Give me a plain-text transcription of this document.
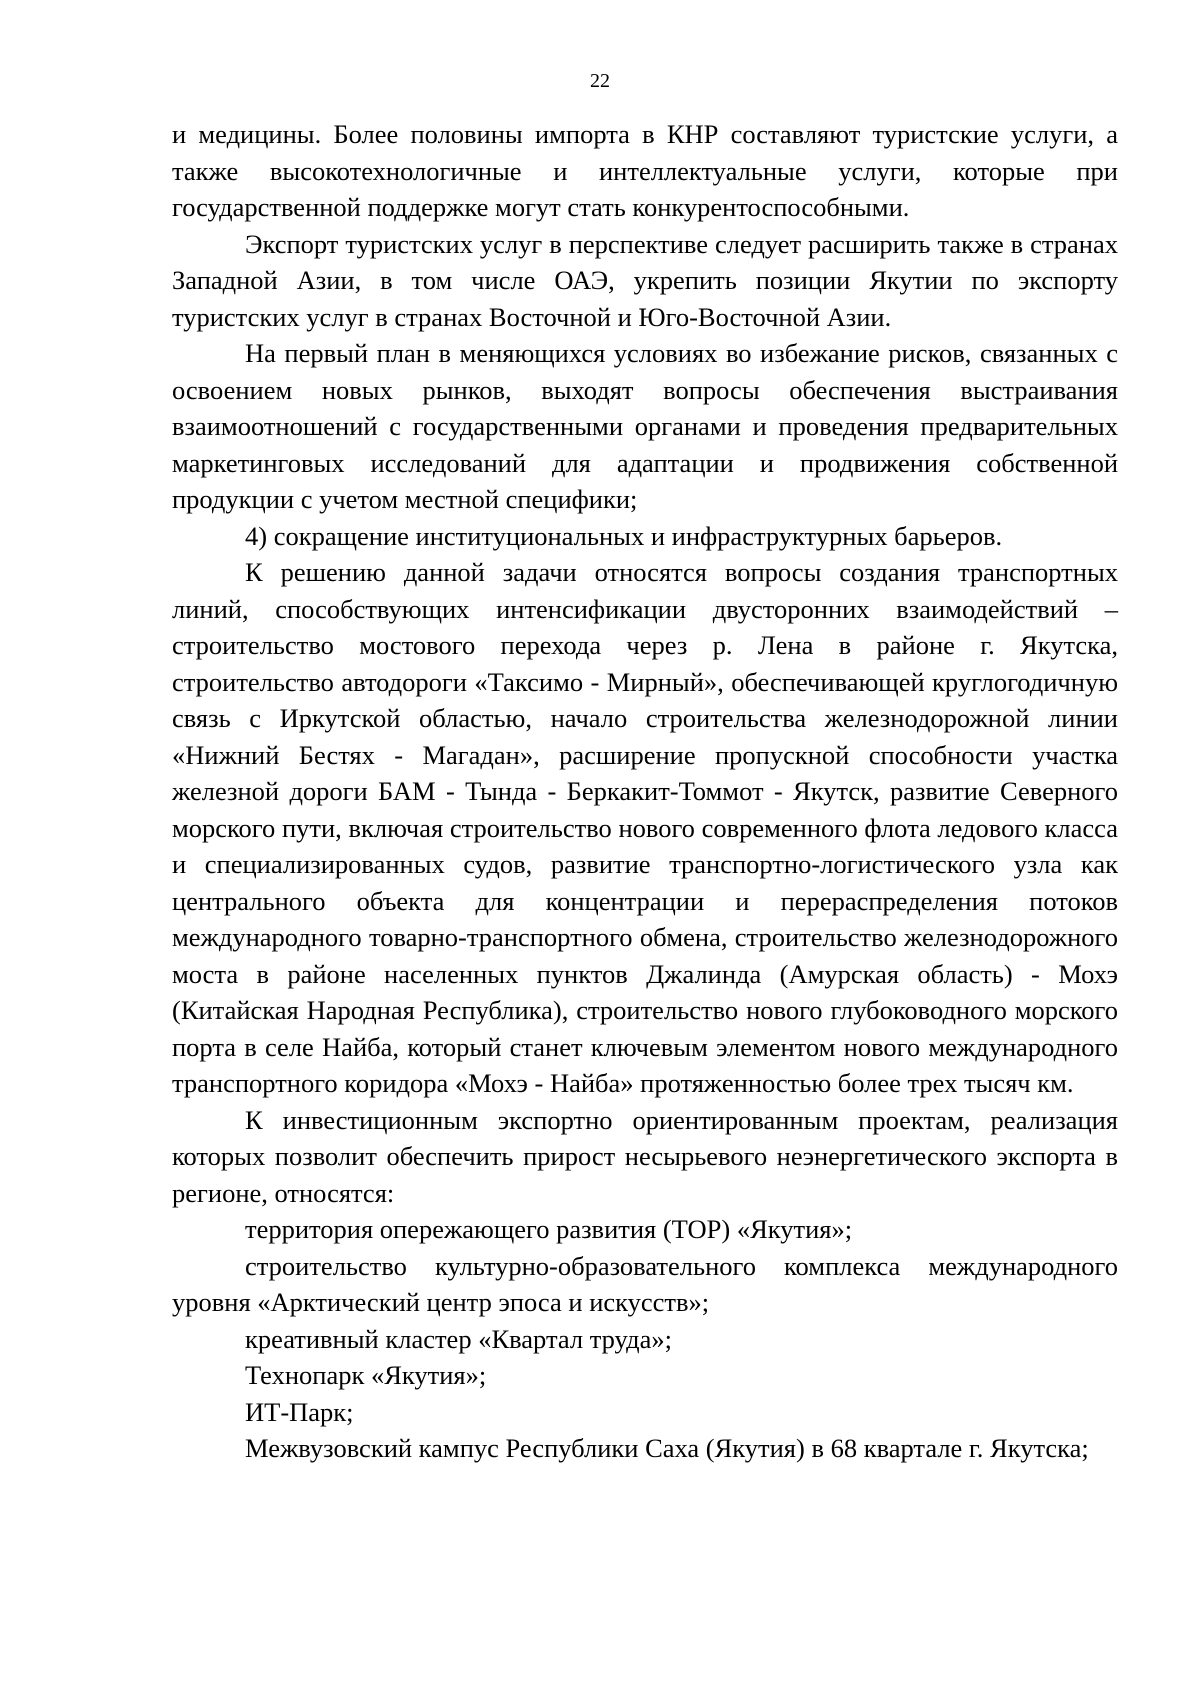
22

и медицины. Более половины импорта в КНР составляют туристские услуги, а также высокотехнологичные и интеллектуальные услуги, которые при государственной поддержке могут стать конкурентоспособными.

Экспорт туристских услуг в перспективе следует расширить также в странах Западной Азии, в том числе ОАЭ, укрепить позиции Якутии по экспорту туристских услуг в странах Восточной и Юго-Восточной Азии.

На первый план в меняющихся условиях во избежание рисков, связанных с освоением новых рынков, выходят вопросы обеспечения выстраивания взаимоотношений с государственными органами и проведения предварительных маркетинговых исследований для адаптации и продвижения собственной продукции с учетом местной специфики;

4) сокращение институциональных и инфраструктурных барьеров.

К решению данной задачи относятся вопросы создания транспортных линий, способствующих интенсификации двусторонних взаимодействий – строительство мостового перехода через р. Лена в районе г. Якутска, строительство автодороги «Таксимо - Мирный», обеспечивающей круглогодичную связь с Иркутской областью, начало строительства железнодорожной линии «Нижний Бестях - Магадан», расширение пропускной способности участка железной дороги БАМ - Тында - Беркакит-Томмот - Якутск, развитие Северного морского пути, включая строительство нового современного флота ледового класса и специализированных судов, развитие транспортно-логистического узла как центрального объекта для концентрации и перераспределения потоков международного товарно-транспортного обмена, строительство железнодорожного моста в районе населенных пунктов Джалинда (Амурская область) - Мохэ (Китайская Народная Республика), строительство нового глубоководного морского порта в селе Найба, который станет ключевым элементом нового международного транспортного коридора «Мохэ - Найба» протяженностью более трех тысяч км.

К инвестиционным экспортно ориентированным проектам, реализация которых позволит обеспечить прирост несырьевого неэнергетического экспорта в регионе, относятся:

территория опережающего развития (ТОР) «Якутия»;

строительство культурно-образовательного комплекса международного уровня «Арктический центр эпоса и искусств»;

креативный кластер «Квартал труда»;

Технопарк «Якутия»;

ИТ-Парк;

Межвузовский кампус Республики Саха (Якутия) в 68 квартале г. Якутска;
